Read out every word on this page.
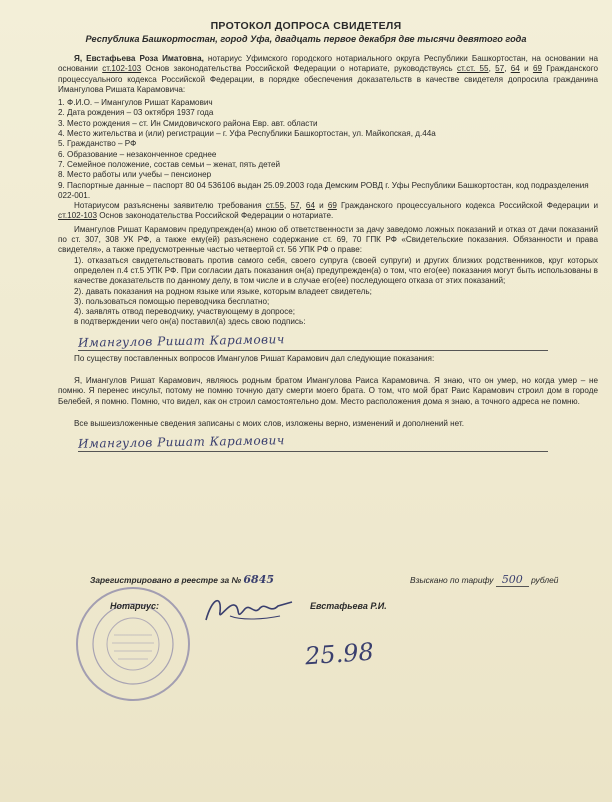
ПРОТОКОЛ ДОПРОСА СВИДЕТЕЛЯ
Республика Башкортостан, город Уфа, двадцать первое декабря две тысячи девятого года

Я, Евстафьева Роза Иматовна, нотариус Уфимского городского нотариального округа Республики Башкортостан, на основании на основании ст.102-103 Основ законодательства Российской Федерации о нотариате, руководствуясь ст.ст. 55, 57, 64 и 69 Гражданского процессуального кодекса Российской Федерации, в порядке обеспечения доказательств в качестве свидетеля допросила гражданина Имангулова Ришата Карамовича:

1. Ф.И.О. – Имангулов Ришат Карамович

2. Дата рождения – 03 октября 1937 года

3. Место рождения – ст. Ин Смидовичского района Евр. авт. области

4. Место жительства и (или) регистрации – г. Уфа Республики Башкортостан, ул. Майкопская, д.44а

5. Гражданство – РФ

6. Образование – незаконченное среднее

7. Семейное положение, состав семьи – женат, пять детей

8. Место работы или учебы – пенсионер

9. Паспортные данные – паспорт 80 04 536106 выдан 25.09.2003 года Демским РОВД г. Уфы Республики Башкортостан, код подразделения 022-001.

Нотариусом разъяснены заявителю требования ст.55, 57, 64 и 69 Гражданского процессуального кодекса Российской Федерации и ст.102-103 Основ законодательства Российской Федерации о нотариате.

Имангулов Ришат Карамович предупрежден(а) мною об ответственности за дачу заведомо ложных показаний и отказ от дачи показаний по ст. 307, 308 УК РФ, а также ему(ей) разъяснено содержание ст. 69, 70 ГПК РФ «Свидетельские показания. Обязанности и права свидетеля», а также предусмотренные частью четвертой ст. 56 УПК РФ о праве:

1). отказаться свидетельствовать против самого себя, своего супруга (своей супруги) и других близких родственников, круг которых определен п.4 ст.5 УПК РФ. При согласии дать показания он(а) предупрежден(а) о том, что его(ее) показания могут быть использованы в качестве доказательств по данному делу, в том числе и в случае его(ее) последующего отказа от этих показаний;

2). давать показания на родном языке или языке, которым владеет свидетель;

3). пользоваться помощью переводчика бесплатно;

4). заявлять отвод переводчику, участвующему в допросе;

в подтверждении чего он(а) поставил(а) здесь свою подпись:

Имангулов Ришат Карамович

По существу поставленных вопросов Имангулов Ришат Карамович дал следующие показания:

Я, Имангулов Ришат Карамович, являюсь родным братом Имангулова Раиса Карамовича. Я знаю, что он умер, но когда умер – не помню. Я перенес инсульт, потому не помню точную дату смерти моего брата. О том, что мой брат Раис Карамович строил дом в городе Белебей, я помню. Помню, что видел, как он строил самостоятельно дом. Место расположения дома я знаю, а точного адреса не помню.

Все вышеизложенные сведения записаны с моих слов, изложены верно, изменений и дополнений нет.

Имангулов Ришат Карамович
Зарегистрировано в реестре за № 6845	Взыскано по тарифу 500 рублей
Нотариус:	Евстафьева Р.И.
25.98
